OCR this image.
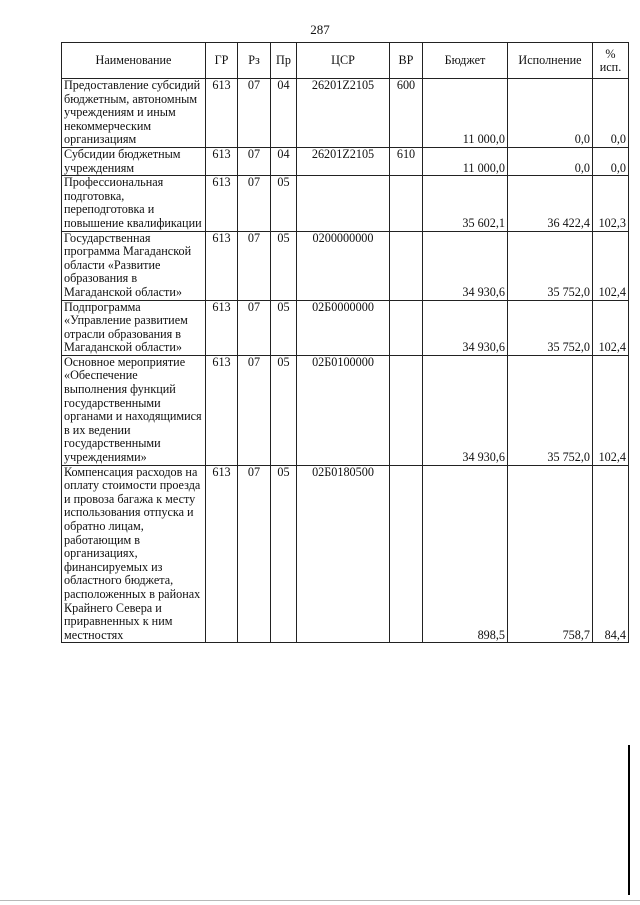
287
Наименование	ГР	Рз	Пр	ЦСР	ВР	Бюджет	Исполнение	%
исп.

Предоставление субсидий бюджетным, автономным учреждениям и иным некоммерческим организациям	613	07	04	26201Z2105	600	11 000,0	0,0	0,0
Субсидии бюджетным учреждениям	613	07	04	26201Z2105	610	11 000,0	0,0	0,0
Профессиональная подготовка, переподготовка и повышение квалификации	613	07	05			35 602,1	36 422,4	102,3
Государственная программа Магаданской области «Развитие образования в Магаданской области»	613	07	05	0200000000		34 930,6	35 752,0	102,4
Подпрограмма «Управление развитием отрасли образования в Магаданской области»	613	07	05	02Б0000000		34 930,6	35 752,0	102,4
Основное мероприятие «Обеспечение выполнения функций государственными органами и находящимися в их ведении государственными учреждениями»	613	07	05	02Б0100000		34 930,6	35 752,0	102,4
Компенсация расходов на оплату стоимости проезда и провоза багажа к месту использования отпуска и обратно лицам, работающим в организациях, финансируемых из областного бюджета, расположенных в районах Крайнего Севера и приравненных к ним местностях	613	07	05	02Б0180500		898,5	758,7	84,4
